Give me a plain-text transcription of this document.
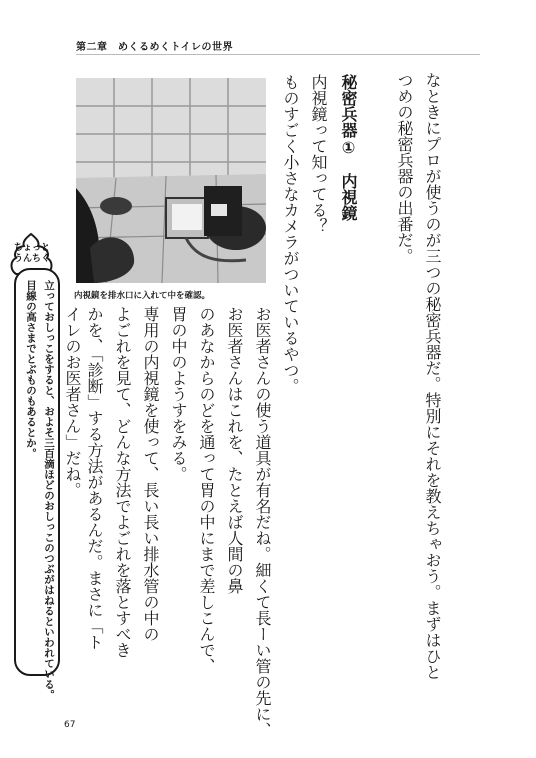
第二章　めくるめくトイレの世界
なときにプロが使うのが三つの秘密兵器だ。特別にそれを教えちゃおう。まずはひと
つめの秘密兵器の出番だ。
秘密兵器①　内視鏡
内視鏡って知ってる？
ものすごく小さなカメラがついているやつ。
お医者さんの使う道具が有名だね。細くて長ーい管の先に、
お医者さんはこれを、たとえば人間の鼻
のあなからのどを通って胃の中にまで差しこんで、
胃の中のようすをみる。
専用の内視鏡を使って、長い長い排水管の中の
よごれを見て、どんな方法でよごれを落とすべき
かを、「診断」する方法があるんだ。まさに「ト
内視鏡を排水口に入れて中を確認。
ちょっと
うんちく
立っておしっこをすると、およそ三百滴ほどのおしっこのつぶがはねるといわれている。
目線の高さまでとぶものもあるとか。
67
イレのお医者さん」だね。
